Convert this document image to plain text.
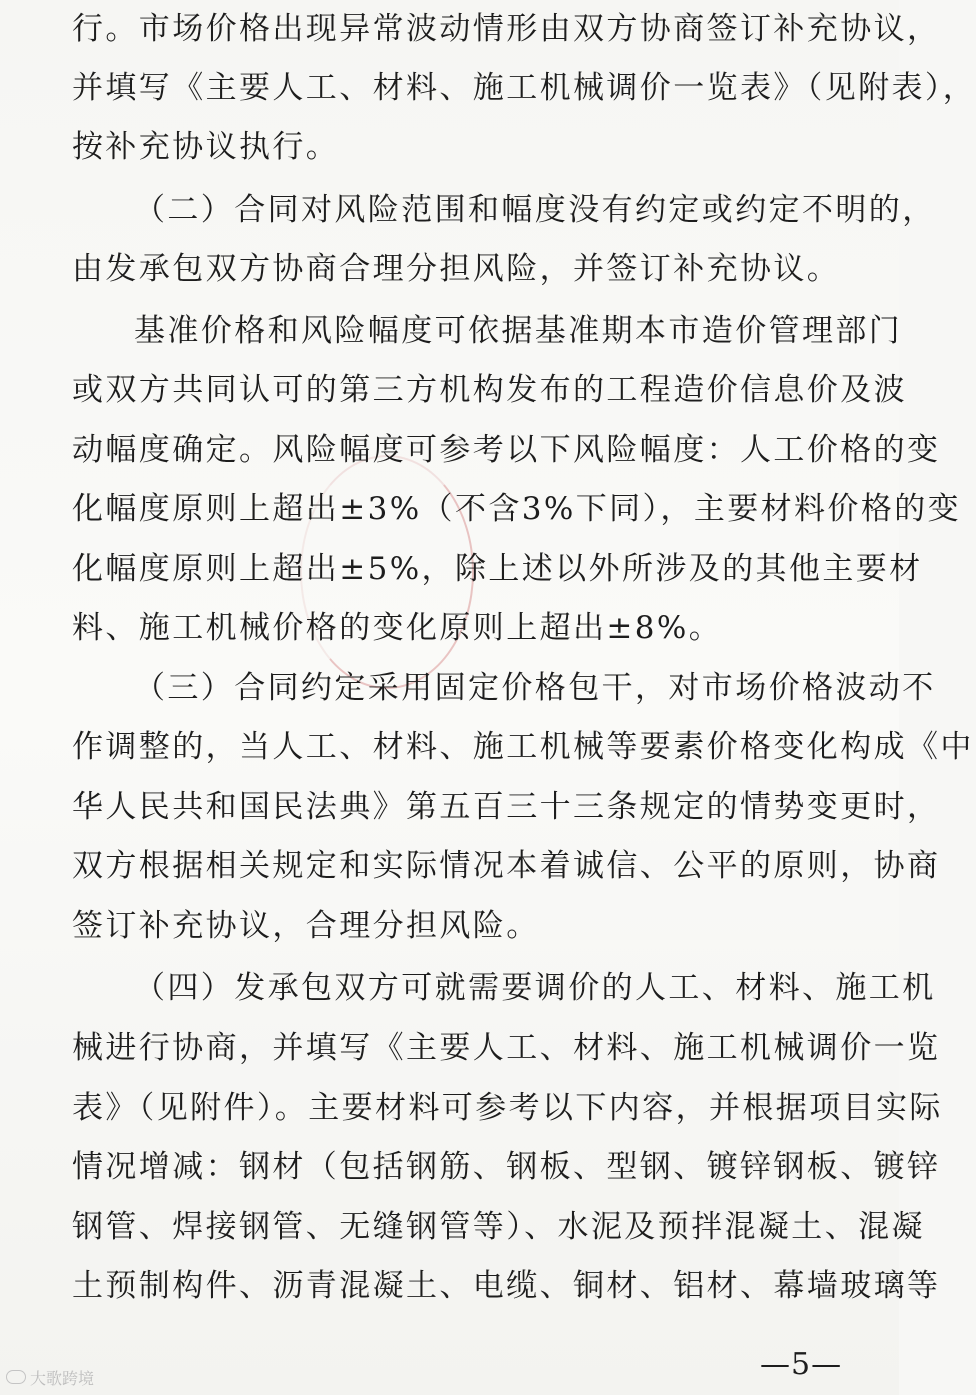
行。市场价格出现异常波动情形由双方协商签订补充协议，
并填写《主要人工、材料、施工机械调价一览表》（见附表），
按补充协议执行。
（二）合同对风险范围和幅度没有约定或约定不明的，
由发承包双方协商合理分担风险，并签订补充协议。
基准价格和风险幅度可依据基准期本市造价管理部门
或双方共同认可的第三方机构发布的工程造价信息价及波
动幅度确定。风险幅度可参考以下风险幅度：人工价格的变
化幅度原则上超出±3%（不含3%下同），主要材料价格的变
化幅度原则上超出±5%，除上述以外所涉及的其他主要材
料、施工机械价格的变化原则上超出±8%。
（三）合同约定采用固定价格包干，对市场价格波动不
作调整的，当人工、材料、施工机械等要素价格变化构成《中
华人民共和国民法典》第五百三十三条规定的情势变更时，
双方根据相关规定和实际情况本着诚信、公平的原则，协商
签订补充协议，合理分担风险。
（四）发承包双方可就需要调价的人工、材料、施工机
械进行协商，并填写《主要人工、材料、施工机械调价一览
表》（见附件）。主要材料可参考以下内容，并根据项目实际
情况增减：钢材（包括钢筋、钢板、型钢、镀锌钢板、镀锌
钢管、焊接钢管、无缝钢管等）、水泥及预拌混凝土、混凝
土预制构件、沥青混凝土、电缆、铜材、铝材、幕墙玻璃等
—5—
大歌跨境
